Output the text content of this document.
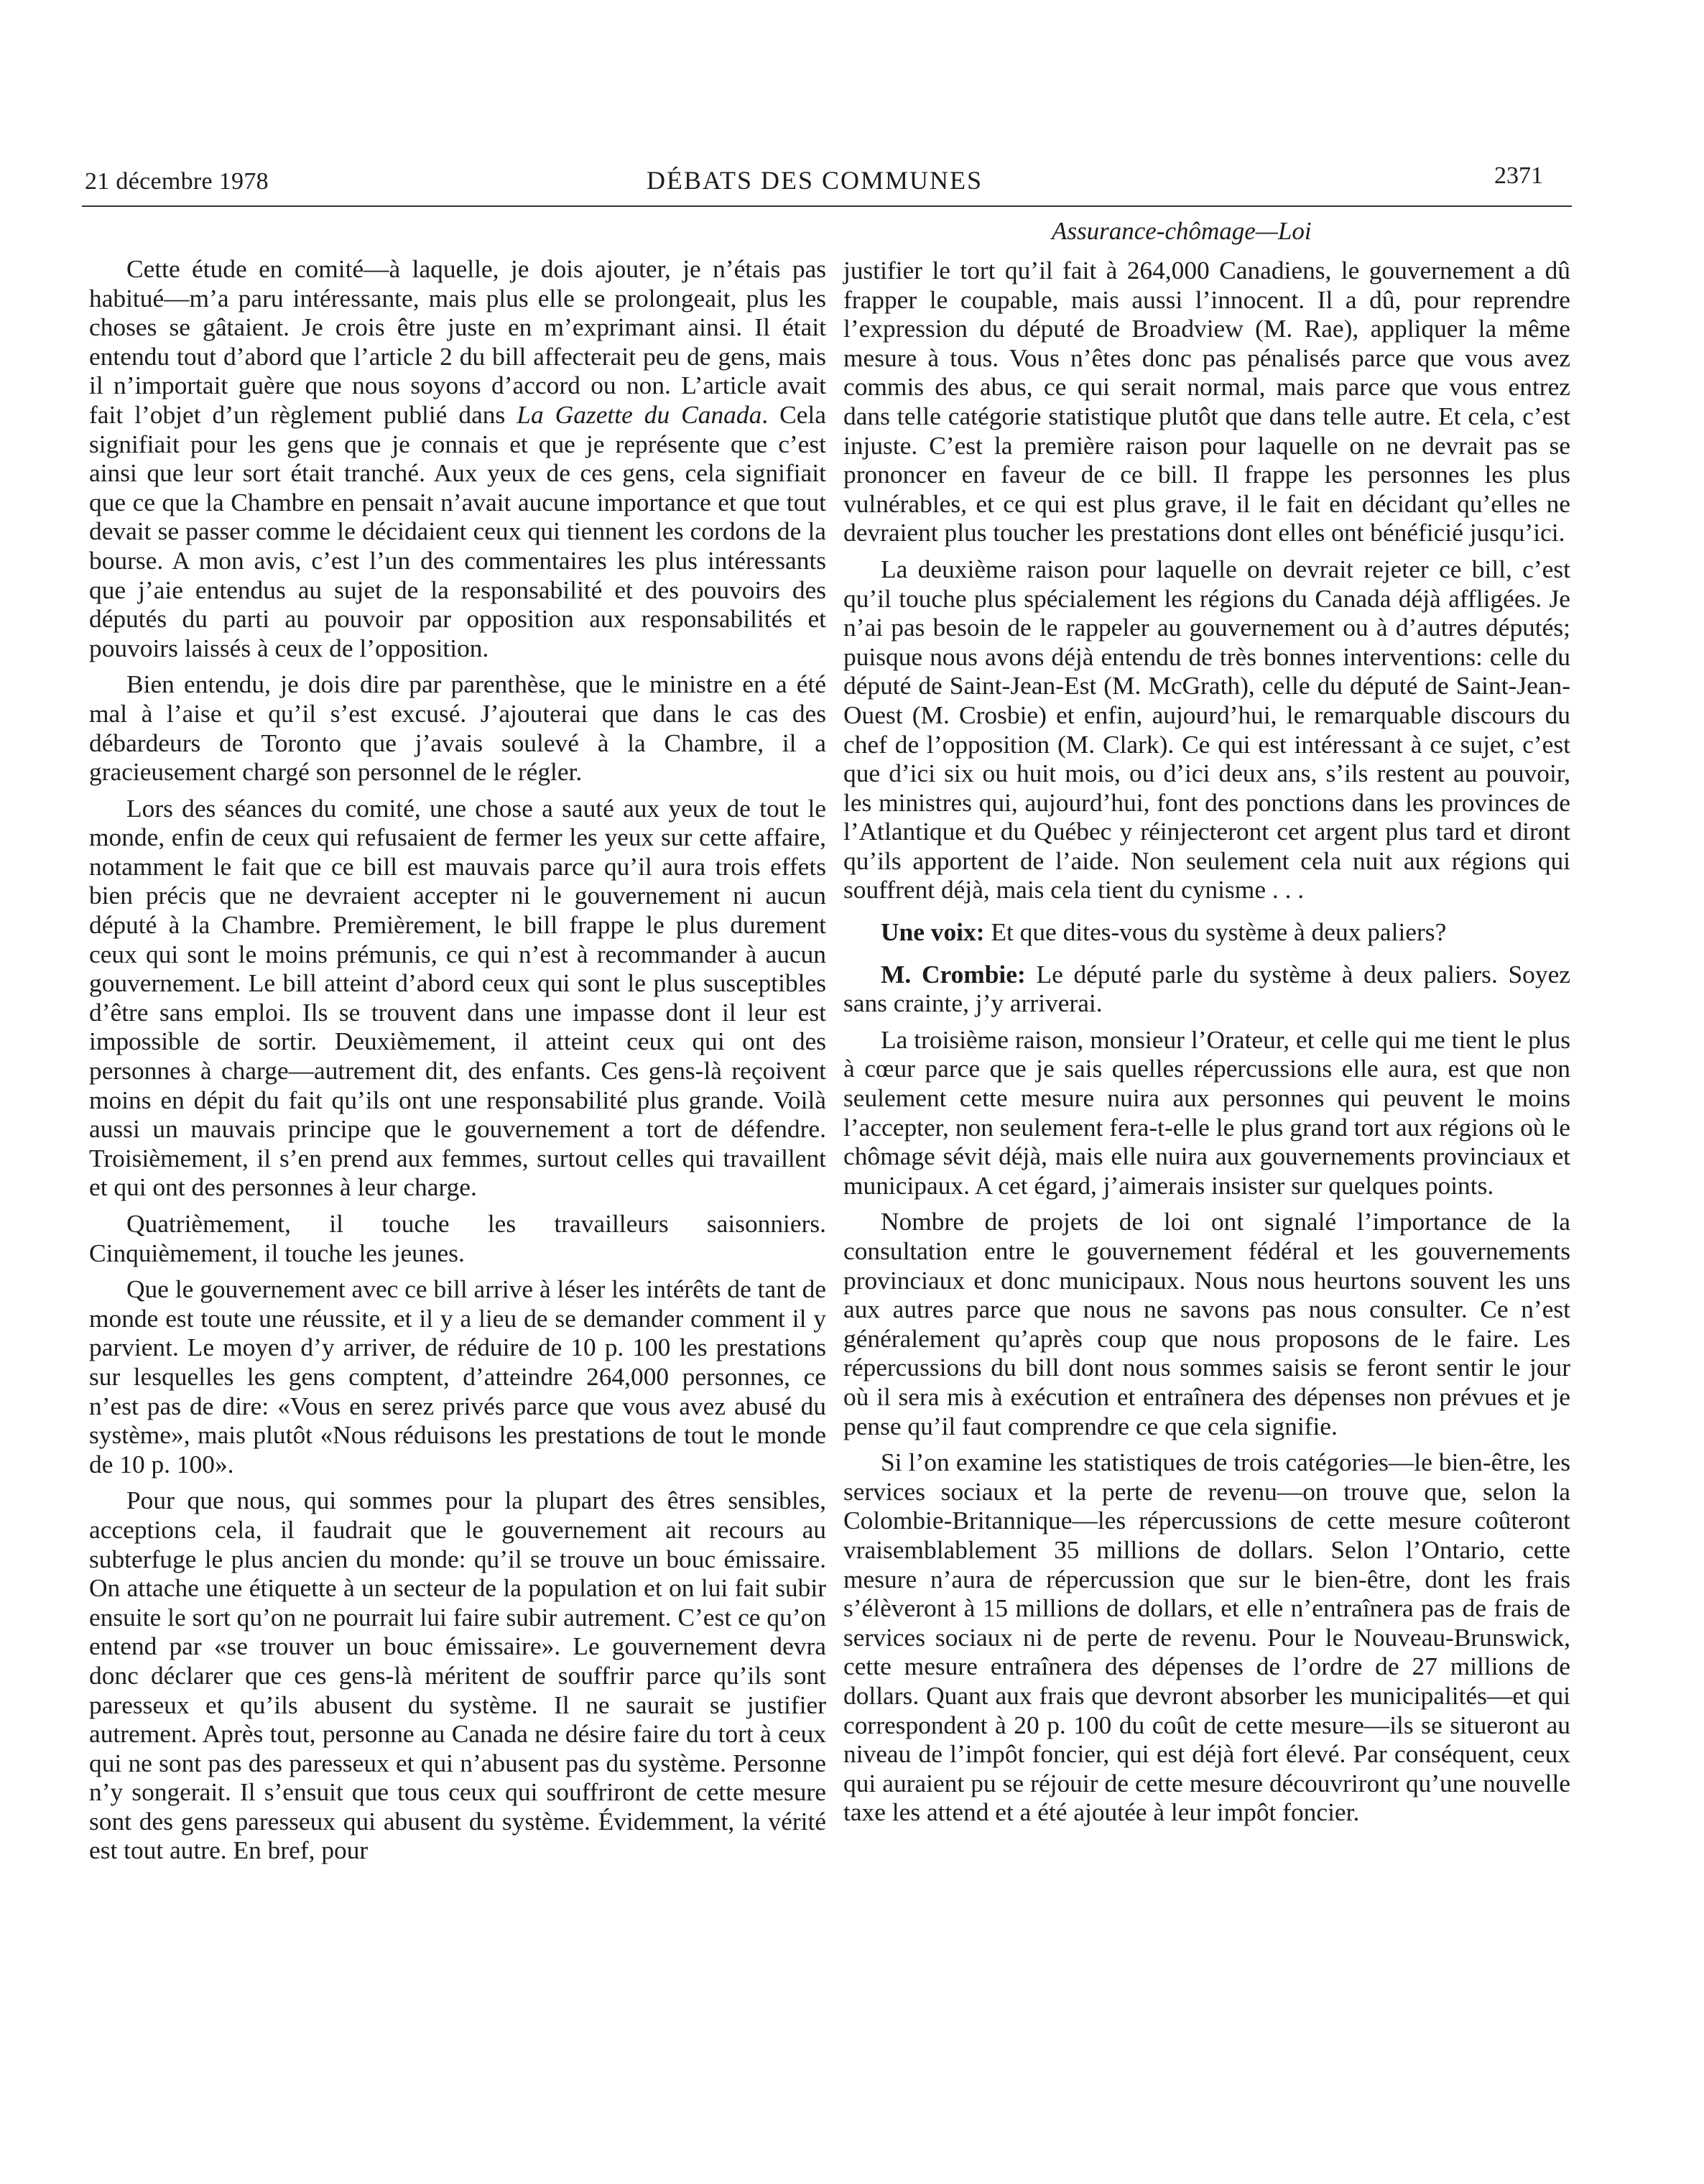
21 décembre 1978	DÉBATS DES COMMUNES	2371
Assurance-chômage—Loi

Cette étude en comité—à laquelle, je dois ajouter, je n’étais pas habitué—m’a paru intéressante, mais plus elle se prolongeait, plus les choses se gâtaient. Je crois être juste en m’exprimant ainsi. Il était entendu tout d’abord que l’article 2 du bill affecterait peu de gens, mais il n’importait guère que nous soyons d’accord ou non. L’article avait fait l’objet d’un règlement publié dans La Gazette du Canada. Cela signifiait pour les gens que je connais et que je représente que c’est ainsi que leur sort était tranché. Aux yeux de ces gens, cela signifiait que ce que la Chambre en pensait n’avait aucune importance et que tout devait se passer comme le décidaient ceux qui tiennent les cordons de la bourse. A mon avis, c’est l’un des commentaires les plus intéressants que j’aie entendus au sujet de la responsabilité et des pouvoirs des députés du parti au pouvoir par opposition aux responsabilités et pouvoirs laissés à ceux de l’opposition.

Bien entendu, je dois dire par parenthèse, que le ministre en a été mal à l’aise et qu’il s’est excusé. J’ajouterai que dans le cas des débardeurs de Toronto que j’avais soulevé à la Chambre, il a gracieusement chargé son personnel de le régler.

Lors des séances du comité, une chose a sauté aux yeux de tout le monde, enfin de ceux qui refusaient de fermer les yeux sur cette affaire, notamment le fait que ce bill est mauvais parce qu’il aura trois effets bien précis que ne devraient accepter ni le gouvernement ni aucun député à la Chambre. Premièrement, le bill frappe le plus durement ceux qui sont le moins prémunis, ce qui n’est à recommander à aucun gouvernement. Le bill atteint d’abord ceux qui sont le plus susceptibles d’être sans emploi. Ils se trouvent dans une impasse dont il leur est impossible de sortir. Deuxièmement, il atteint ceux qui ont des personnes à charge—autrement dit, des enfants. Ces gens-là reçoivent moins en dépit du fait qu’ils ont une responsabilité plus grande. Voilà aussi un mauvais principe que le gouvernement a tort de défendre. Troisièmement, il s’en prend aux femmes, surtout celles qui travaillent et qui ont des personnes à leur charge.

Quatrièmement, il touche les travailleurs saisonniers. Cinquièmement, il touche les jeunes.

Que le gouvernement avec ce bill arrive à léser les intérêts de tant de monde est toute une réussite, et il y a lieu de se demander comment il y parvient. Le moyen d’y arriver, de réduire de 10 p. 100 les prestations sur lesquelles les gens comptent, d’atteindre 264,000 personnes, ce n’est pas de dire: «Vous en serez privés parce que vous avez abusé du système», mais plutôt «Nous réduisons les prestations de tout le monde de 10 p. 100».

Pour que nous, qui sommes pour la plupart des êtres sensibles, acceptions cela, il faudrait que le gouvernement ait recours au subterfuge le plus ancien du monde: qu’il se trouve un bouc émissaire. On attache une étiquette à un secteur de la population et on lui fait subir ensuite le sort qu’on ne pourrait lui faire subir autrement. C’est ce qu’on entend par «se trouver un bouc émissaire». Le gouvernement devra donc déclarer que ces gens-là méritent de souffrir parce qu’ils sont paresseux et qu’ils abusent du système. Il ne saurait se justifier autrement. Après tout, personne au Canada ne désire faire du tort à ceux qui ne sont pas des paresseux et qui n’abusent pas du système. Personne n’y songerait. Il s’ensuit que tous ceux qui souffriront de cette mesure sont des gens paresseux qui abusent du système. Évidemment, la vérité est tout autre. En bref, pour

justifier le tort qu’il fait à 264,000 Canadiens, le gouvernement a dû frapper le coupable, mais aussi l’innocent. Il a dû, pour reprendre l’expression du député de Broadview (M. Rae), appliquer la même mesure à tous. Vous n’êtes donc pas pénalisés parce que vous avez commis des abus, ce qui serait normal, mais parce que vous entrez dans telle catégorie statistique plutôt que dans telle autre. Et cela, c’est injuste. C’est la première raison pour laquelle on ne devrait pas se prononcer en faveur de ce bill. Il frappe les personnes les plus vulnérables, et ce qui est plus grave, il le fait en décidant qu’elles ne devraient plus toucher les prestations dont elles ont bénéficié jusqu’ici.

La deuxième raison pour laquelle on devrait rejeter ce bill, c’est qu’il touche plus spécialement les régions du Canada déjà affligées. Je n’ai pas besoin de le rappeler au gouvernement ou à d’autres députés; puisque nous avons déjà entendu de très bonnes interventions: celle du député de Saint-Jean-Est (M. McGrath), celle du député de Saint-Jean-Ouest (M. Crosbie) et enfin, aujourd’hui, le remarquable discours du chef de l’opposition (M. Clark). Ce qui est intéressant à ce sujet, c’est que d’ici six ou huit mois, ou d’ici deux ans, s’ils restent au pouvoir, les ministres qui, aujourd’hui, font des ponctions dans les provinces de l’Atlantique et du Québec y réinjecteront cet argent plus tard et diront qu’ils apportent de l’aide. Non seulement cela nuit aux régions qui souffrent déjà, mais cela tient du cynisme . . .

Une voix: Et que dites-vous du système à deux paliers?

M. Crombie: Le député parle du système à deux paliers. Soyez sans crainte, j’y arriverai.

La troisième raison, monsieur l’Orateur, et celle qui me tient le plus à cœur parce que je sais quelles répercussions elle aura, est que non seulement cette mesure nuira aux personnes qui peuvent le moins l’accepter, non seulement fera-t-elle le plus grand tort aux régions où le chômage sévit déjà, mais elle nuira aux gouvernements provinciaux et municipaux. A cet égard, j’aimerais insister sur quelques points.

Nombre de projets de loi ont signalé l’importance de la consultation entre le gouvernement fédéral et les gouvernements provinciaux et donc municipaux. Nous nous heurtons souvent les uns aux autres parce que nous ne savons pas nous consulter. Ce n’est généralement qu’après coup que nous proposons de le faire. Les répercussions du bill dont nous sommes saisis se feront sentir le jour où il sera mis à exécution et entraînera des dépenses non prévues et je pense qu’il faut comprendre ce que cela signifie.

Si l’on examine les statistiques de trois catégories—le bien-être, les services sociaux et la perte de revenu—on trouve que, selon la Colombie-Britannique—les répercussions de cette mesure coûteront vraisemblablement 35 millions de dollars. Selon l’Ontario, cette mesure n’aura de répercussion que sur le bien-être, dont les frais s’élèveront à 15 millions de dollars, et elle n’entraînera pas de frais de services sociaux ni de perte de revenu. Pour le Nouveau-Brunswick, cette mesure entraînera des dépenses de l’ordre de 27 millions de dollars. Quant aux frais que devront absorber les municipalités—et qui correspondent à 20 p. 100 du coût de cette mesure—ils se situeront au niveau de l’impôt foncier, qui est déjà fort élevé. Par conséquent, ceux qui auraient pu se réjouir de cette mesure découvriront qu’une nouvelle taxe les attend et a été ajoutée à leur impôt foncier.
